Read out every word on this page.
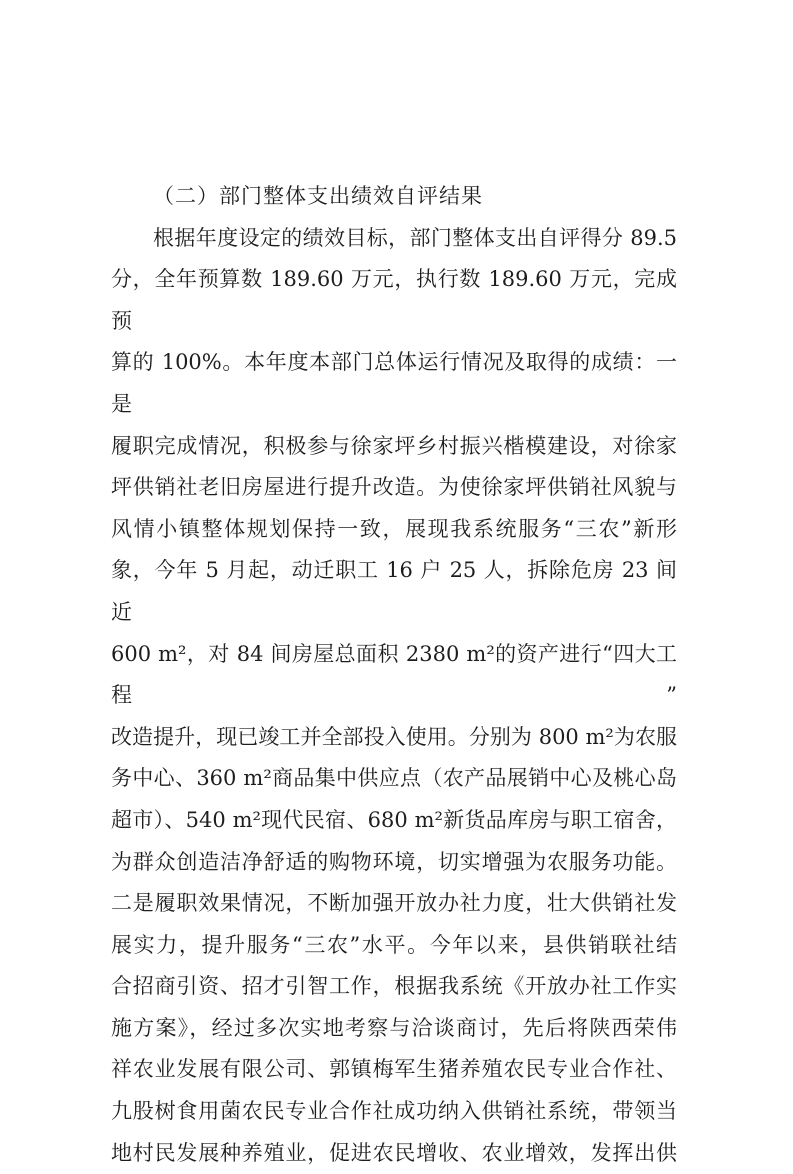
（二）部门整体支出绩效自评结果
根据年度设定的绩效目标，部门整体支出自评得分 89.5
分，全年预算数 189.60 万元，执行数 189.60 万元，完成预
算的 100%。本年度本部门总体运行情况及取得的成绩：一是
履职完成情况，积极参与徐家坪乡村振兴楷模建设，对徐家
坪供销社老旧房屋进行提升改造。为使徐家坪供销社风貌与
风情小镇整体规划保持一致，展现我系统服务“三农”新形
象，今年 5 月起，动迁职工 16 户 25 人，拆除危房 23 间近
600 m²，对 84 间房屋总面积 2380 m²的资产进行“四大工程”
改造提升，现已竣工并全部投入使用。分别为 800 m²为农服
务中心、360 m²商品集中供应点（农产品展销中心及桃心岛
超市）、540 m²现代民宿、680 m²新货品库房与职工宿舍，
为群众创造洁净舒适的购物环境，切实增强为农服务功能。
二是履职效果情况，不断加强开放办社力度，壮大供销社发
展实力，提升服务“三农”水平。今年以来，县供销联社结
合招商引资、招才引智工作，根据我系统《开放办社工作实
施方案》，经过多次实地考察与洽谈商讨，先后将陕西荣伟
祥农业发展有限公司、郭镇梅军生猪养殖农民专业合作社、
九股树食用菌农民专业合作社成功纳入供销社系统，带领当
地村民发展种养殖业，促进农民增收、农业增效，发挥出供
